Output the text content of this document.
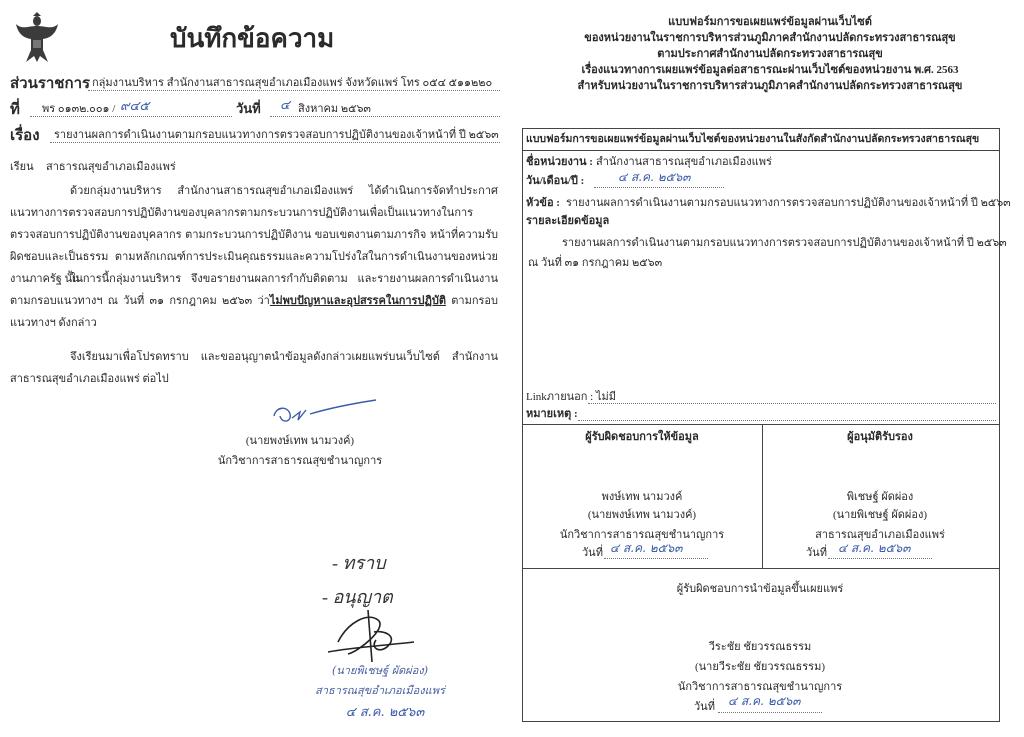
บันทึกข้อความ
ส่วนราชการ กลุ่มงานบริหาร สำนักงานสาธารณสุขอำเภอเมืองแพร่ จังหวัดแพร่ โทร ๐๕๔ ๕๑๑๒๒๐
ที่ พร ๐๑๓๒.๐๐๑ / ๙๔๕	วันที่ ๔ สิงหาคม ๒๕๖๓
เรื่อง รายงานผลการดำเนินงานตามกรอบแนวทางการตรวจสอบการปฏิบัติงานของเจ้าหน้าที่ ปี ๒๕๖๓
เรียน สาธารณสุขอำเภอเมืองแพร่
ด้วยกลุ่มงานบริหาร สำนักงานสาธารณสุขอำเภอเมืองแพร่ ได้ดำเนินการจัดทำประกาศแนวทางการตรวจสอบการปฏิบัติงานของบุคลากรตามกระบวนการปฏิบัติงานเพื่อเป็นแนวทางในการตรวจสอบการปฏิบัติงานของบุคลากร ตามกระบวนการปฏิบัติงาน ขอบเขตงานตามภารกิจ หน้าที่ความรับผิดชอบและเป็นธรรม ตามหลักเกณฑ์การประเมินคุณธรรมและความโปร่งใสในการดำเนินงานของหน่วยงานภาครัฐ นั้น
ในการนี้กลุ่มงานบริหาร จึงขอรายงานผลการกำกับติดตาม และรายงานผลการดำเนินงานตามกรอบแนวทางฯ ณ วันที่ ๓๑ กรกฎาคม ๒๕๖๓ ว่าไม่พบปัญหาและอุปสรรคในการปฏิบัติ ตามกรอบแนวทางฯ ดังกล่าว
จึงเรียนมาเพื่อโปรดทราบ และขออนุญาตนำข้อมูลดังกล่าวเผยแพร่บนเว็บไซต์ สำนักงานสาธารณสุขอำเภอเมืองแพร่ ต่อไป
(นายพงษ์เทพ นามวงค์)
นักวิชาการสาธารณสุขชำนาญการ
- ทราบ
- อนุญาต
(นายพิเชษฐ์ ผัดผ่อง)
สาธารณสุขอำเภอเมืองแพร่
๔ ส.ค. ๒๕๖๓
แบบฟอร์มการขอเผยแพร่ข้อมูลผ่านเว็บไซต์
ของหน่วยงานในราชการบริหารส่วนภูมิภาคสำนักงานปลัดกระทรวงสาธารณสุข
ตามประกาศสำนักงานปลัดกระทรวงสาธารณสุข
เรื่องแนวทางการเผยแพร่ข้อมูลต่อสาธารณะผ่านเว็บไซต์ของหน่วยงาน พ.ศ. 2563
สำหรับหน่วยงานในราชการบริหารส่วนภูมิภาคสำนักงานปลัดกระทรวงสาธารณสุข
แบบฟอร์มการขอเผยแพร่ข้อมูลผ่านเว็บไซต์ของหน่วยงานในสังกัดสำนักงานปลัดกระทรวงสาธารณสุข
ชื่อหน่วยงาน : สำนักงานสาธารณสุขอำเภอเมืองแพร่
วัน/เดือน/ปี :	๔ ส.ค. ๒๕๖๓
หัวข้อ : รายงานผลการดำเนินงานตามกรอบแนวทางการตรวจสอบการปฏิบัติงานของเจ้าหน้าที่ ปี ๒๕๖๓
รายละเอียดข้อมูล
รายงานผลการดำเนินงานตามกรอบแนวทางการตรวจสอบการปฏิบัติงานของเจ้าหน้าที่ ปี ๒๕๖๓
ณ วันที่ ๓๑ กรกฎาคม ๒๕๖๓
Linkภายนอก : ไม่มี
หมายเหตุ :
ผู้รับผิดชอบการให้ข้อมูล
พงษ์เทพ นามวงค์
(นายพงษ์เทพ นามวงค์)
นักวิชาการสาธารณสุขชำนาญการ
วันที่ ๔ ส.ค. ๒๕๖๓
ผู้อนุมัติรับรอง
พิเชษฐ์ ผัดผ่อง
(นายพิเชษฐ์ ผัดผ่อง)
สาธารณสุขอำเภอเมืองแพร่
วันที่ ๔ ส.ค. ๒๕๖๓
ผู้รับผิดชอบการนำข้อมูลขึ้นเผยแพร่
วีระชัย ชัยวรรณธรรม
(นายวีระชัย ชัยวรรณธรรม)
นักวิชาการสาธารณสุขชำนาญการ
วันที่ ๔ ส.ค. ๒๕๖๓
